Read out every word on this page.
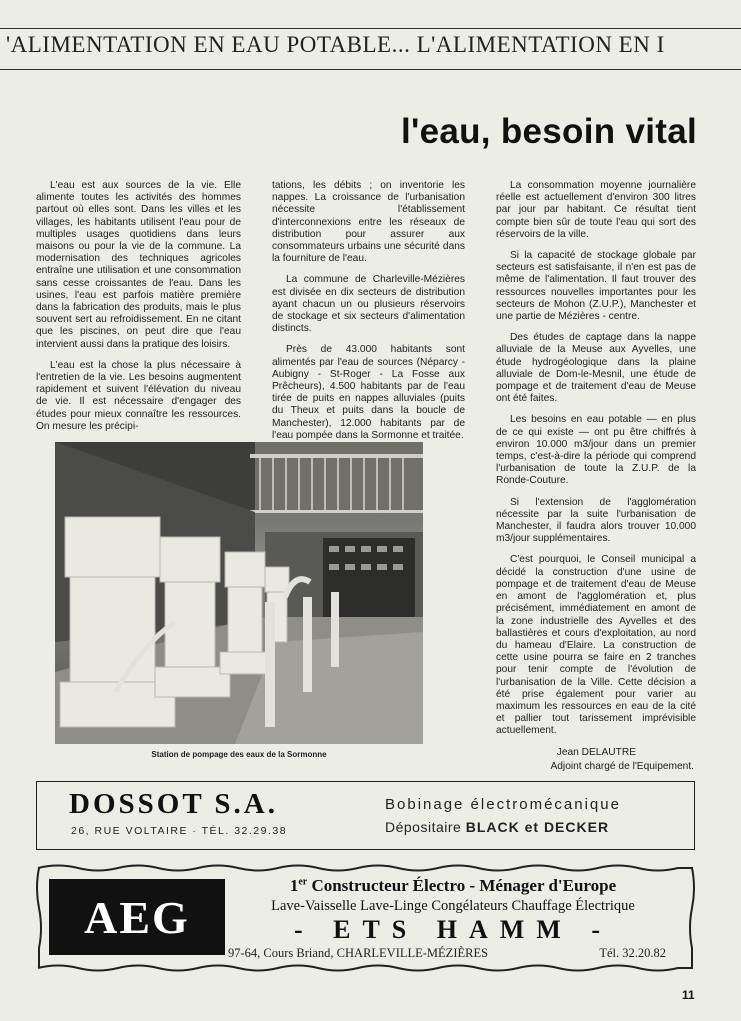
'ALIMENTATION EN EAU POTABLE... L'ALIMENTATION EN I
l'eau, besoin vital

L'eau est aux sources de la vie. Elle alimente toutes les activités des hommes partout où elles sont. Dans les villes et les villages, les habitants utilisent l'eau pour de multiples usages quotidiens dans leurs maisons ou pour la vie de la commune. La modernisation des techniques agricoles entraîne une utilisation et une consommation sans cesse croissantes de l'eau. Dans les usines, l'eau est parfois matière première dans la fabrication des produits, mais le plus souvent sert au refroidissement. En ne citant que les piscines, on peut dire que l'eau intervient aussi dans la pratique des loisirs.

L'eau est la chose la plus nécessaire à l'entretien de la vie. Les besoins augmentent rapidement et suivent l'élévation du niveau de vie. Il est nécessaire d'engager des études pour mieux connaître les ressources. On mesure les précipi-

tations, les débits ; on inventorie les nappes. La croissance de l'urbanisation nécessite l'établissement d'interconnexions entre les réseaux de distribution pour assurer aux consommateurs urbains une sécurité dans la fourniture de l'eau.

La commune de Charleville-Mézières est divisée en dix secteurs de distribution ayant chacun un ou plusieurs réservoirs de stockage et six secteurs d'alimentation distincts.

Près de 43.000 habitants sont alimentés par l'eau de sources (Néparcy - Aubigny - St-Roger - La Fosse aux Prêcheurs), 4.500 habitants par de l'eau tirée de puits en nappes alluviales (puits du Theux et puits dans la boucle de Manchester), 12.000 habitants par de l'eau pompée dans la Sormonne et traitée.

La consommation moyenne journalière réelle est actuellement d'environ 300 litres par jour par habitant. Ce résultat tient compte bien sûr de toute l'eau qui sort des réservoirs de la ville.

Si la capacité de stockage globale par secteurs est satisfaisante, il n'en est pas de même de l'alimentation. Il faut trouver des ressources nouvelles importantes pour les secteurs de Mohon (Z.U.P.), Manchester et une partie de Mézières - centre.

Des études de captage dans la nappe alluviale de la Meuse aux Ayvelles, une étude hydrogéologique dans la plaine alluviale de Dom-le-Mesnil, une étude de pompage et de traitement d'eau de Meuse ont été faites.

Les besoins en eau potable — en plus de ce qui existe — ont pu être chiffrés à environ 10.000 m3/jour dans un premier temps, c'est-à-dire la période qui comprend l'urbanisation de toute la Z.U.P. de la Ronde-Couture.

Si l'extension de l'agglomération nécessite par la suite l'urbanisation de Manchester, il faudra alors trouver 10.000 m3/jour supplémentaires.

C'est pourquoi, le Conseil municipal a décidé la construction d'une usine de pompage et de traitement d'eau de Meuse en amont de l'agglomération et, plus précisément, immédiatement en amont de la zone industrielle des Ayvelles et des ballastières et cours d'exploitation, au nord du hameau d'Elaire. La construction de cette usine pourra se faire en 2 tranches pour tenir compte de l'évolution de l'urbanisation de la Ville. Cette décision a été prise également pour varier au maximum les ressources en eau de la cité et pallier tout tarissement imprévisible actuellement.

Jean DELAUTRE

Adjoint chargé de l'Equipement.

Station de pompage des eaux de la Sormonne
DOSSOT S.A.
26, RUE VOLTAIRE · TÉL. 32.29.38
Bobinage électromécanique
Dépositaire BLACK et DECKER
AEG
1er Constructeur Électro - Ménager d'Europe
Lave-Vaisselle Lave-Linge Congélateurs Chauffage Électrique
- ETS HAMM -
97-64, Cours Briand, CHARLEVILLE-MÉZIÈRES	Tél. 32.20.82
11
